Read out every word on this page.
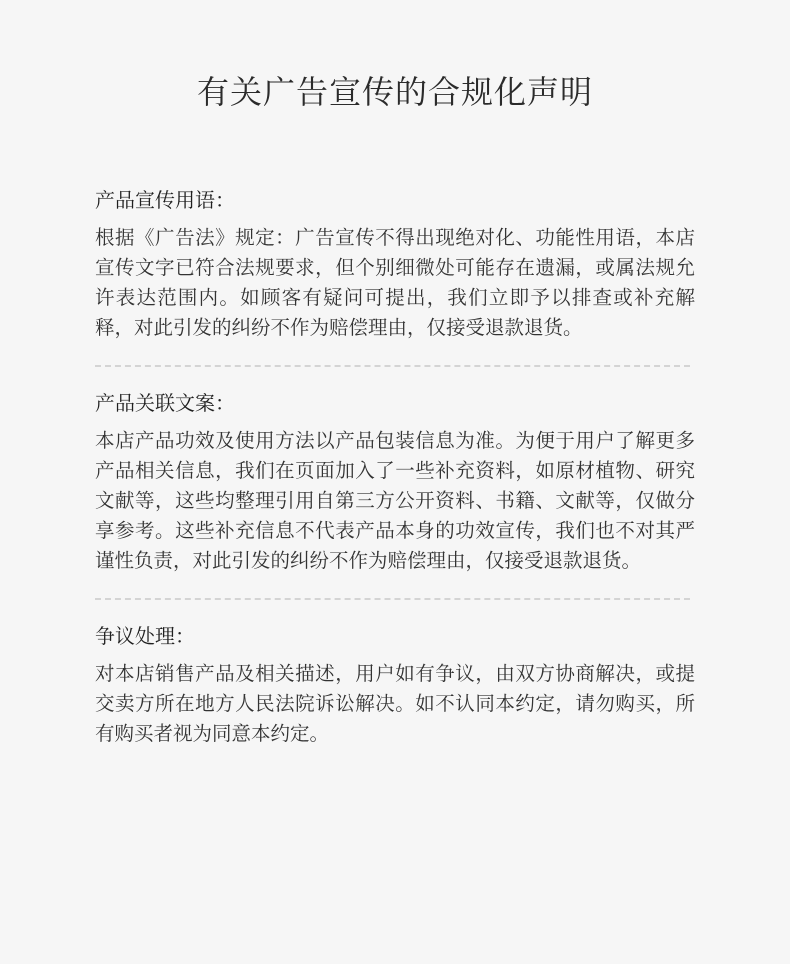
有关广告宣传的合规化声明

产品宣传用语：

根据《广告法》规定：广告宣传不得出现绝对化、功能性用语，本店宣传文字已符合法规要求，但个别细微处可能存在遗漏，或属法规允许表达范围内。如顾客有疑问可提出，我们立即予以排查或补充解释，对此引发的纠纷不作为赔偿理由，仅接受退款退货。

产品关联文案：

本店产品功效及使用方法以产品包装信息为准。为便于用户了解更多产品相关信息，我们在页面加入了一些补充资料，如原材植物、研究文献等，这些均整理引用自第三方公开资料、书籍、文献等，仅做分享参考。这些补充信息不代表产品本身的功效宣传，我们也不对其严谨性负责，对此引发的纠纷不作为赔偿理由，仅接受退款退货。

争议处理：

对本店销售产品及相关描述，用户如有争议，由双方协商解决，或提交卖方所在地方人民法院诉讼解决。如不认同本约定，请勿购买，所有购买者视为同意本约定。
